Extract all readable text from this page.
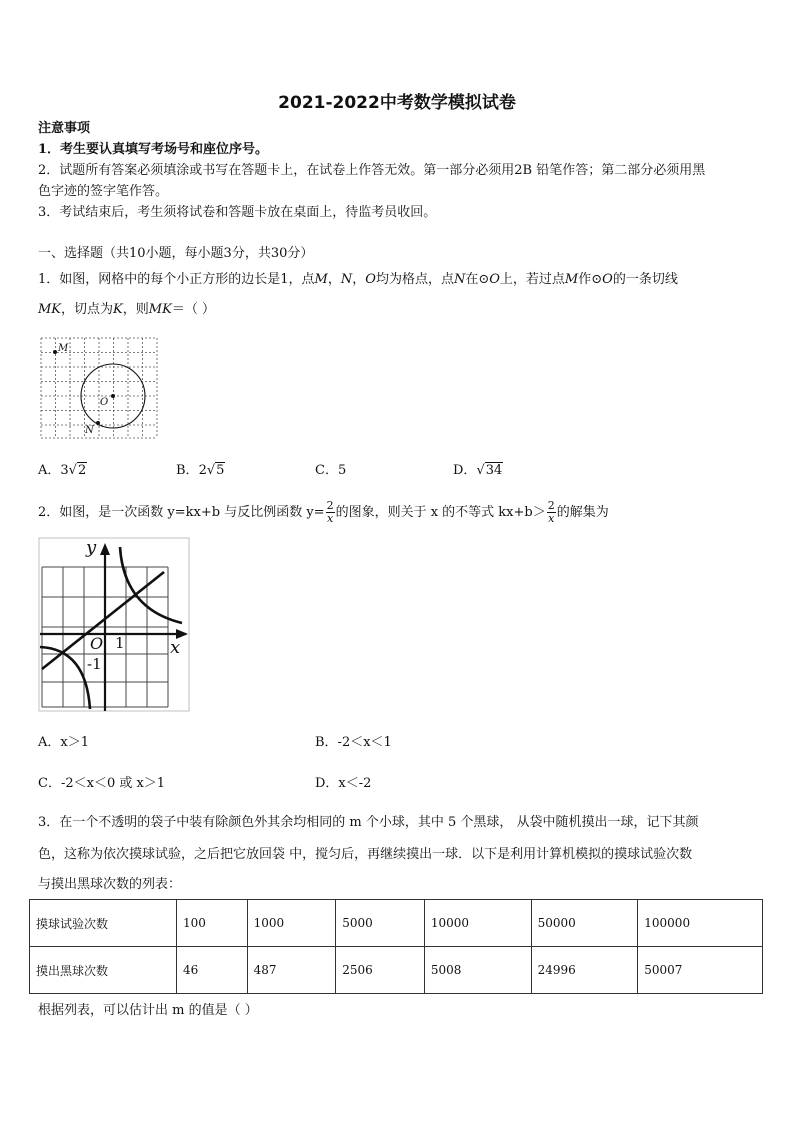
2021-2022中考数学模拟试卷
注意事项
1．考生要认真填写考场号和座位序号。
2．试题所有答案必须填涂或书写在答题卡上，在试卷上作答无效。第一部分必须用2B 铅笔作答；第二部分必须用黑
色字迹的签字笔作答。
3．考试结束后，考生须将试卷和答题卡放在桌面上，待监考员收回。
一、选择题（共10小题，每小题3分，共30分）
1．如图，网格中的每个小正方形的边长是1，点M，N，O均为格点，点N在⊙O上，若过点M作⊙O的一条切线
MK，切点为K，则MK＝（ ）
M
O
N
A．3√2	B．2√5	C．5	D．√34
2．如图，是一次函数 y=kx+b 与反比例函数 $y= \frac{2}{x}$ 的图象，则关于 x 的不等式 $kx+b> \frac{2}{x}$ 的解集为
y
x
O 1
-1
A．x＞1	B．-2＜x＜1
C．-2＜x＜0 或 x＞1	D．x＜-2
3．在一个不透明的袋子中装有除颜色外其余均相同的 m 个小球，其中 5 个黑球， 从袋中随机摸出一球，记下其颜
色，这称为依次摸球试验，之后把它放回袋 中，搅匀后，再继续摸出一球．以下是利用计算机模拟的摸球试验次数
与摸出黑球次数的列表：
摸球试验次数	100	1000	5000	10000	50000	100000
摸出黑球次数	46	487	2506	5008	24996	50007
根据列表，可以估计出 m 的值是（ ）
